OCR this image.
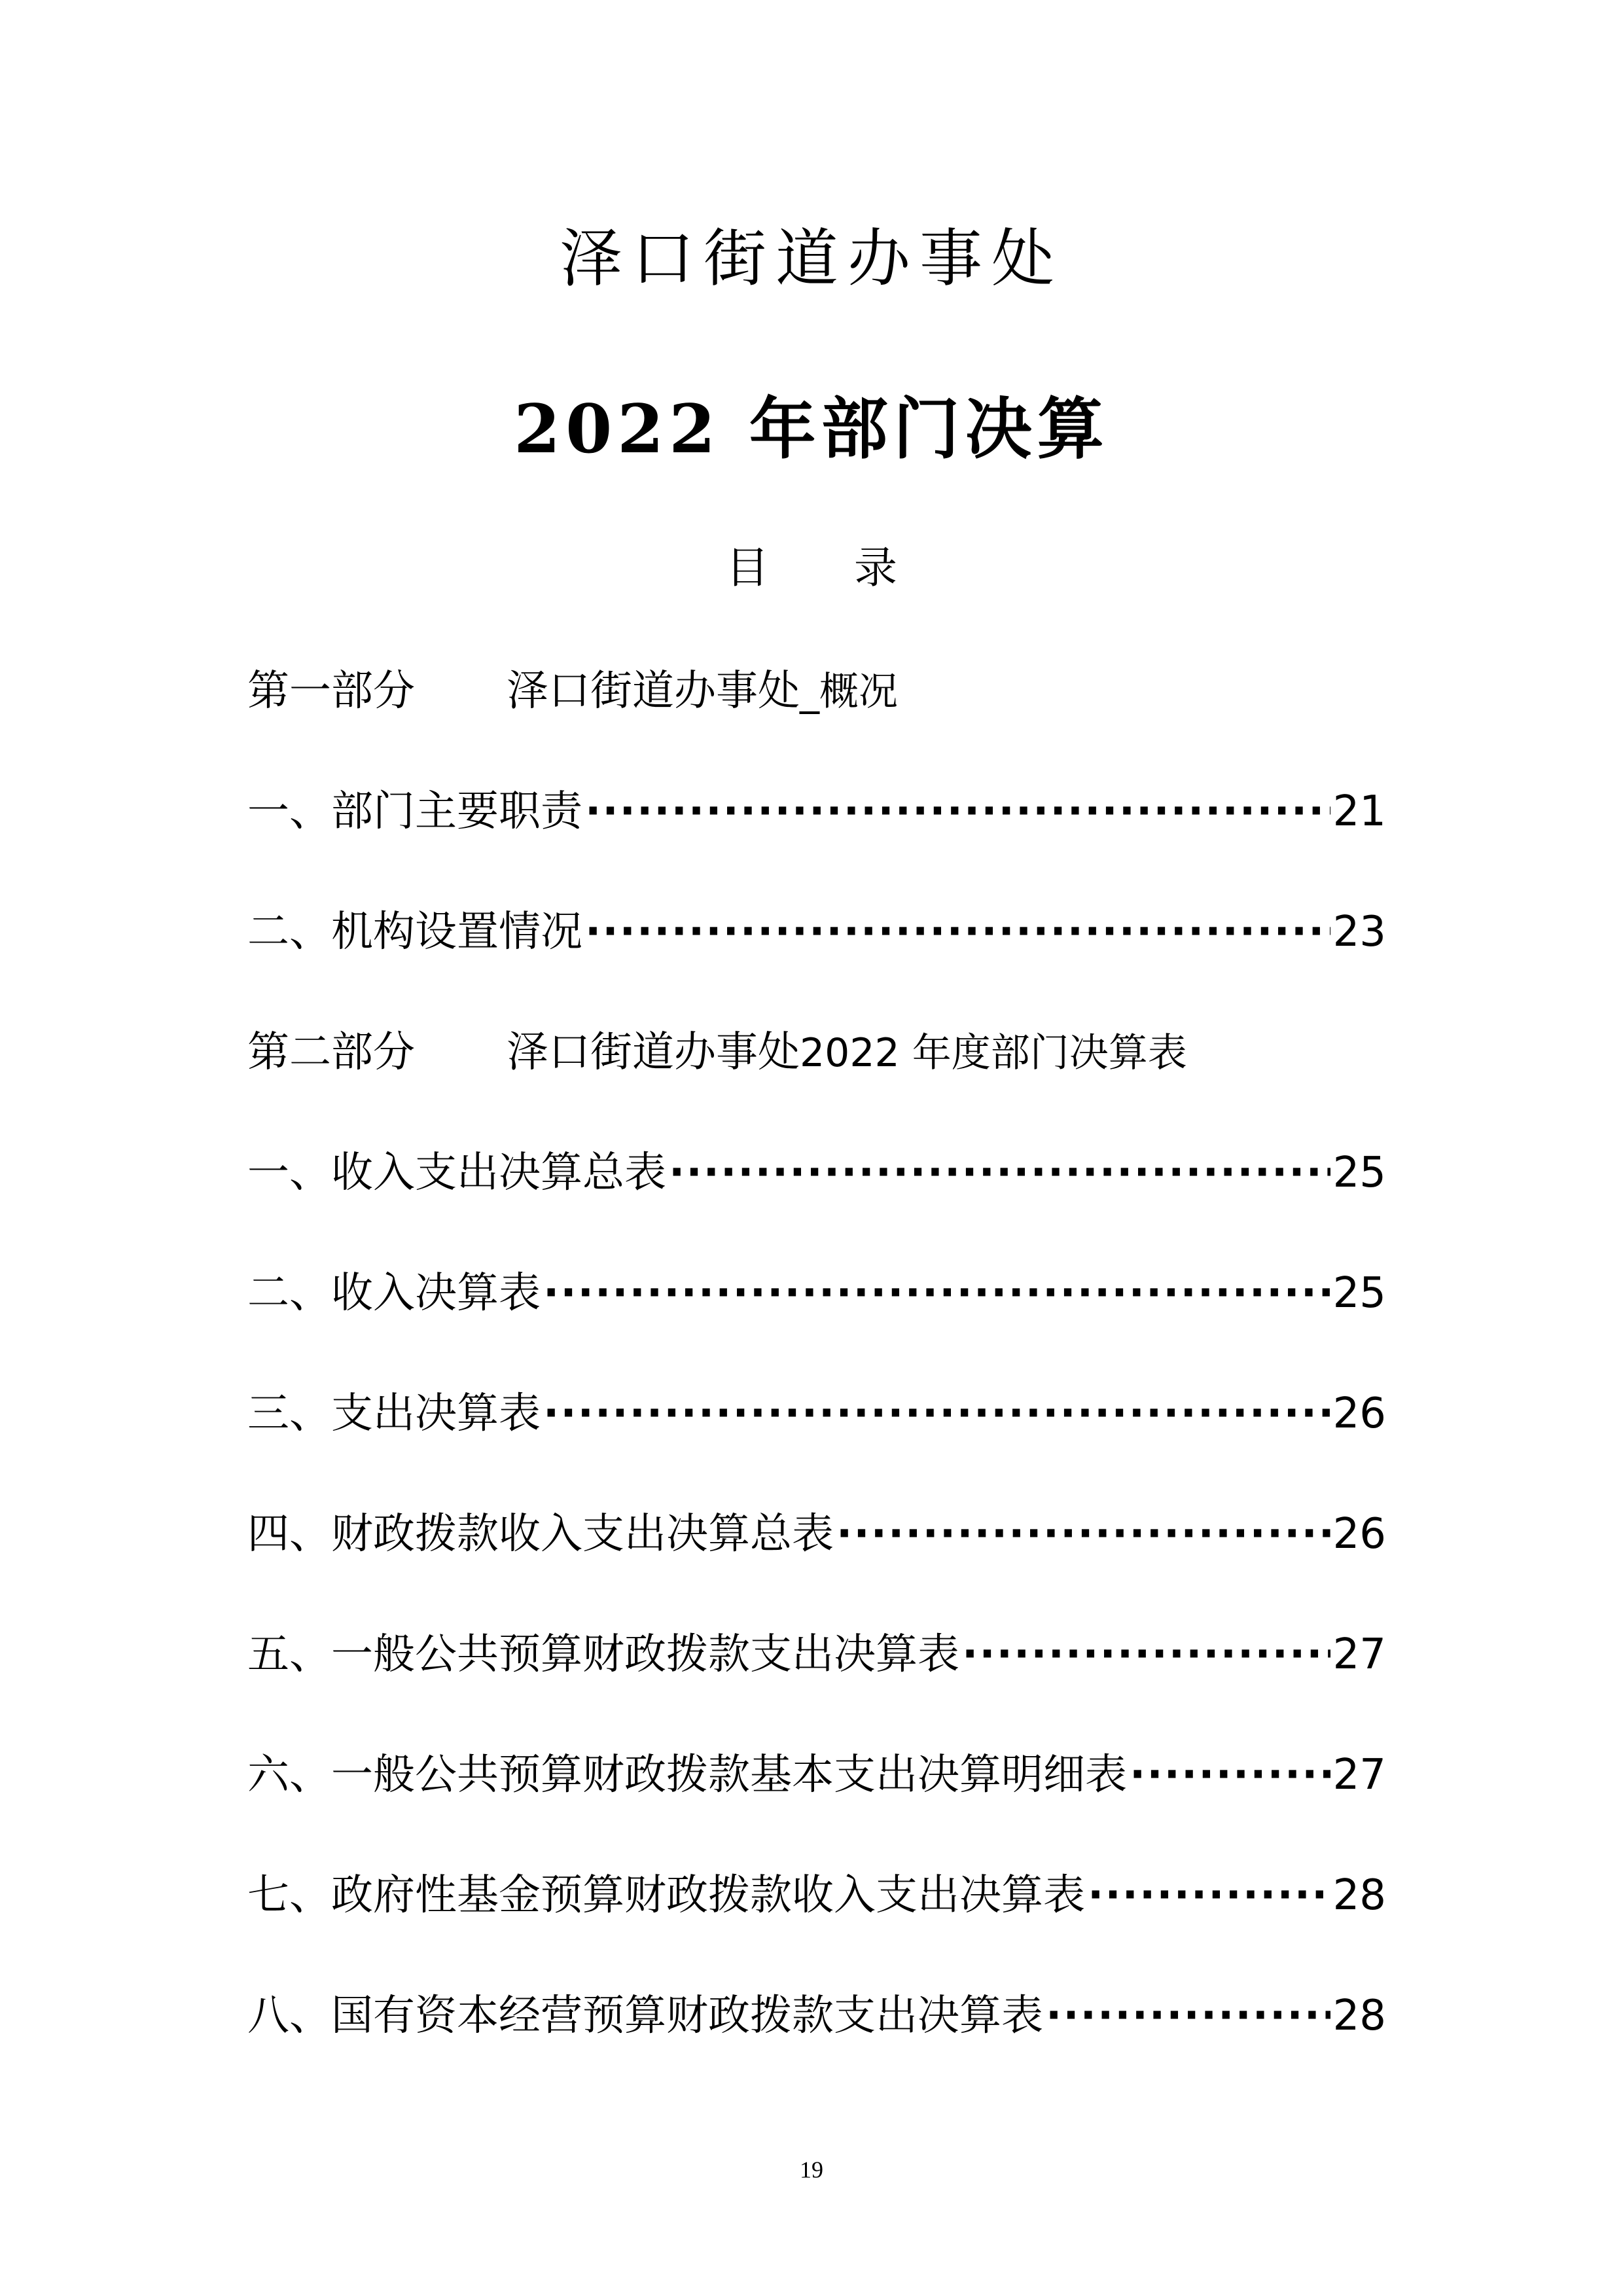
泽口街道办事处
2022 年部门决算
目 录
第一部分 泽口街道办事处_概况
一、部门主要职责 ·····	21
二、机构设置情况 ·····	23
第二部分 泽口街道办事处2022 年度部门决算表
一、收入支出决算总表 ·····	25
二、收入决算表 ·····	25
三、支出决算表 ·····	26
四、财政拨款收入支出决算总表 ·····	26
五、一般公共预算财政拨款支出决算表 ·····	27
六、一般公共预算财政拨款基本支出决算明细表 ·····	27
七、政府性基金预算财政拨款收入支出决算表 ·····	28
八、国有资本经营预算财政拨款支出决算表 ·····	28
19
